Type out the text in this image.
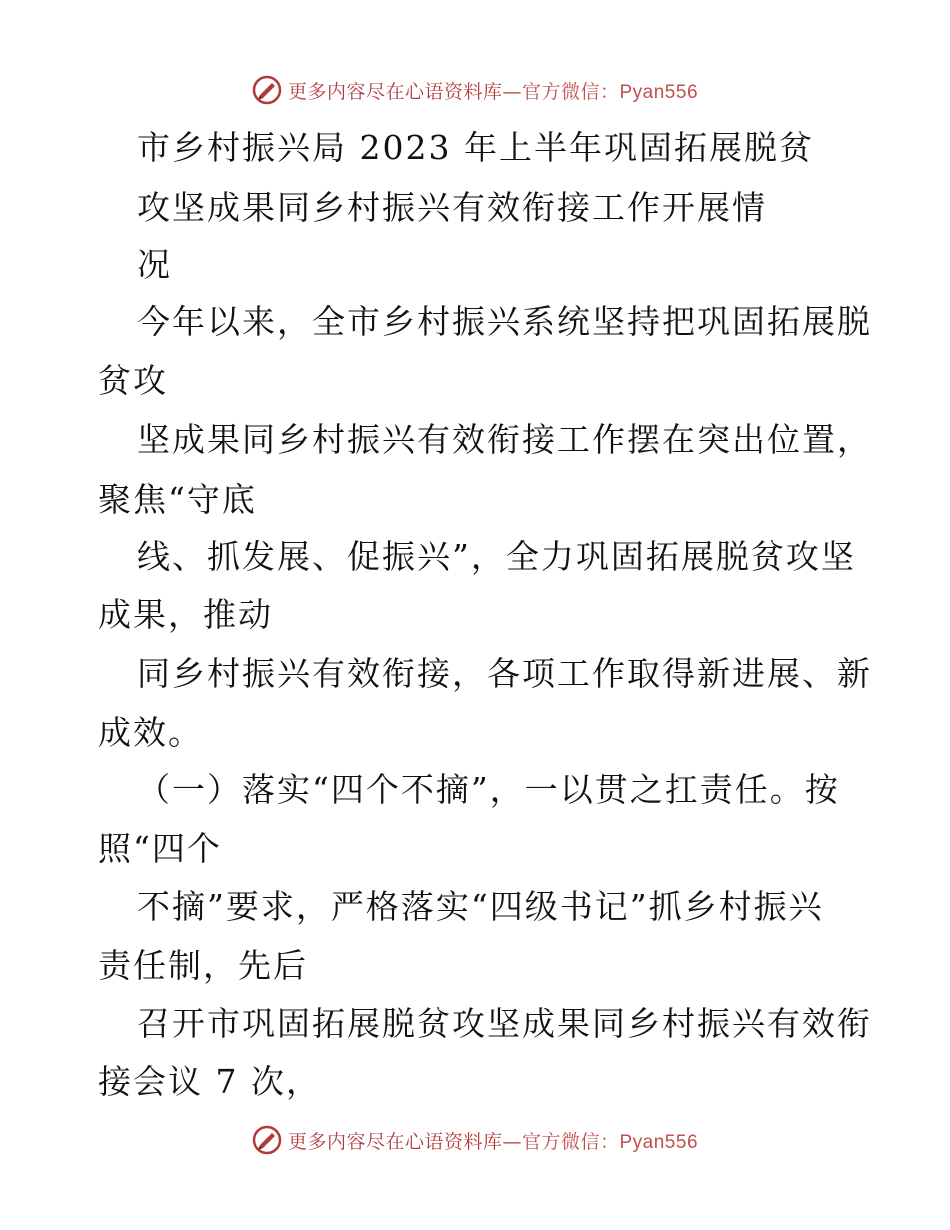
更多内容尽在心语资料库—官方微信：Pyan556
市乡村振兴局 2023 年上半年巩固拓展脱贫
攻坚成果同乡村振兴有效衔接工作开展情
况
今年以来，全市乡村振兴系统坚持把巩固拓展脱
贫攻
坚成果同乡村振兴有效衔接工作摆在突出位置，
聚焦“守底
线、抓发展、促振兴”，全力巩固拓展脱贫攻坚
成果，推动
同乡村振兴有效衔接，各项工作取得新进展、新
成效。
（一）落实“四个不摘”，一以贯之扛责任。按
照“四个
不摘”要求，严格落实“四级书记”抓乡村振兴
责任制，先后
召开市巩固拓展脱贫攻坚成果同乡村振兴有效衔
接会议 7 次，
更多内容尽在心语资料库—官方微信：Pyan556
